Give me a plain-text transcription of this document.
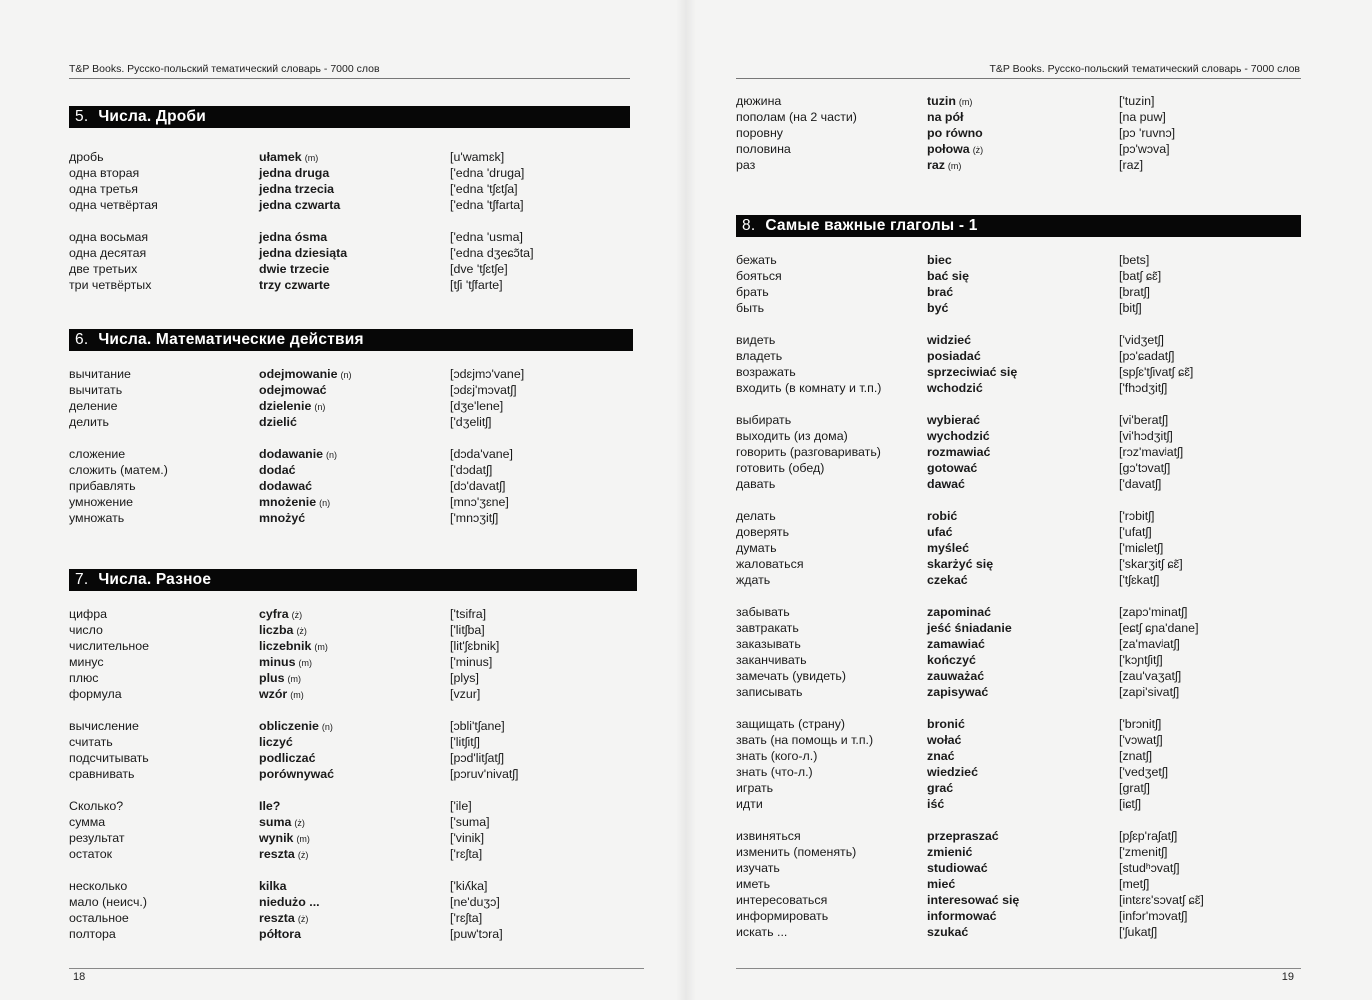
T&P Books. Русско-польский тематический словарь - 7000 слов
5. Числа. Дроби
дробь	ułamek (m)	[u'wamɛk]
одна вторая	jedna druga	['edna 'druga]
одна третья	jedna trzecia	['edna 'tʃɛtʃa]
одна четвёртая	jedna czwarta	['edna 'tʃfarta]
одна восьмая	jedna ósma	['edna 'usma]
одна десятая	jedna dziesiąta	['edna dʒeɕɔ̃ta]
две третьих	dwie trzecie	[dve 'tʃɛtʃe]
три четвёртых	trzy czwarte	[tʃi 'tʃfarte]
6. Числа. Математические действия
вычитание	odejmowanie (n)	[ɔdɛjmɔ'vane]
вычитать	odejmować	[ɔdɛj'mɔvatʃ]
деление	dzielenie (n)	[dʒe'lene]
делить	dzielić	['dʒelitʃ]
сложение	dodawanie (n)	[dɔda'vane]
сложить (матем.)	dodać	['dɔdatʃ]
прибавлять	dodawać	[dɔ'davatʃ]
умножение	mnożenie (n)	[mnɔ'ʒɛne]
умножать	mnożyć	['mnɔʒitʃ]
7. Числа. Разное
цифра	cyfra (ż)	['tsifra]
число	liczba (ż)	['litʃba]
числительное	liczebnik (m)	[lit'ʃɛbnik]
минус	minus (m)	['minus]
плюс	plus (m)	[plys]
формула	wzór (m)	[vzur]
вычисление	obliczenie (n)	[ɔbli'tʃane]
считать	liczyć	['litʃitʃ]
подсчитывать	podliczać	[pɔd'litʃatʃ]
сравнивать	porównywać	[pɔruv'nivatʃ]
Сколько?	Ile?	['ile]
сумма	suma (ż)	['suma]
результат	wynik (m)	['vinik]
остаток	reszta (ż)	['rɛʃta]
несколько	kilka	['kiʎka]
мало (неисч.)	niedużo ...	[ne'duʒɔ]
остальное	reszta (ż)	['rɛʃta]
полтора	półtora	[puw'tɔra]
18
T&P Books. Русско-польский тематический словарь - 7000 слов
дюжина	tuzin (m)	['tuzin]
пополам (на 2 части)	na pół	[na puw]
поровну	po równo	[pɔ 'ruvnɔ]
половина	połowa (ż)	[pɔ'wɔva]
раз	raz (m)	[raz]
8. Самые важные глаголы - 1
бежать	biec	[bets]
бояться	bać się	[batʃ ɕɛ̃]
брать	brać	[bratʃ]
быть	być	[bitʃ]
видеть	widzieć	['vidʒetʃ]
владеть	posiadać	[pɔ'ɕadatʃ]
возражать	sprzeciwiać się	[spʃɛ'tʃivatʃ ɕɛ̃]
входить (в комнату и т.п.)	wchodzić	['fhɔdʒitʃ]
выбирать	wybierać	[vi'beratʃ]
выходить (из дома)	wychodzić	[vi'hɔdʒitʃ]
говорить (разговаривать)	rozmawiać	[rɔz'mavʲatʃ]
готовить (обед)	gotować	[gɔ'tɔvatʃ]
давать	dawać	['davatʃ]
делать	robić	['rɔbitʃ]
доверять	ufać	['ufatʃ]
думать	myśleć	['miɕletʃ]
жаловаться	skarżyć się	['skarʒitʃ ɕɛ̃]
ждать	czekać	['tʃɛkatʃ]
забывать	zapominać	[zapɔ'minatʃ]
завтракать	jeść śniadanie	[eɕtʃ ɕɲa'dane]
заказывать	zamawiać	[za'mavʲatʃ]
заканчивать	kończyć	['kɔɲtʃitʃ]
замечать (увидеть)	zauważać	[zau'vaʒatʃ]
записывать	zapisywać	[zapi'sivatʃ]
защищать (страну)	bronić	['brɔnitʃ]
звать (на помощь и т.п.)	wołać	['vɔwatʃ]
знать (кого-л.)	znać	[znatʃ]
знать (что-л.)	wiedzieć	['vedʒetʃ]
играть	grać	[gratʃ]
идти	iść	[iɕtʃ]
извиняться	przepraszać	[pʃɛp'raʃatʃ]
изменить (поменять)	zmienić	['zmenitʃ]
изучать	studiować	[studʰɔvatʃ]
иметь	mieć	[metʃ]
интересоваться	interesować się	[intɛrɛ'sɔvatʃ ɕɛ̃]
информировать	informować	[infɔr'mɔvatʃ]
искать ...	szukać	['ʃukatʃ]
19
